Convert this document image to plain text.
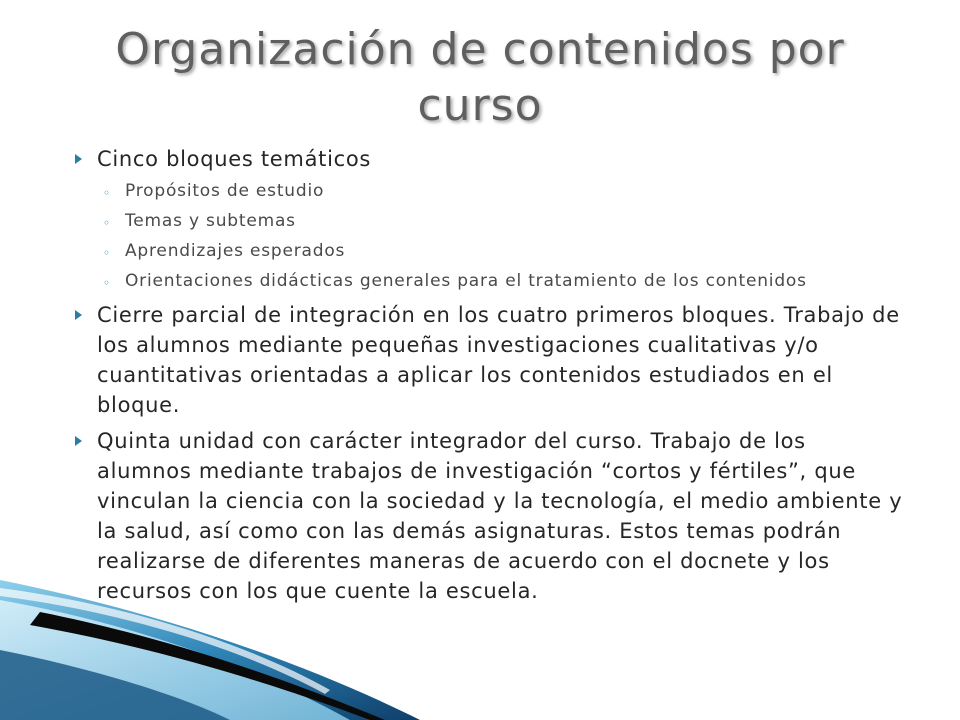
Organización de contenidos por curso
Cinco bloques temáticos
◦ Propósitos de estudio
◦ Temas y subtemas
◦ Aprendizajes esperados
◦ Orientaciones didácticas generales para el tratamiento de los contenidos
Cierre parcial de integración en los cuatro primeros bloques. Trabajo de los alumnos mediante pequeñas investigaciones cualitativas y/o cuantitativas orientadas a aplicar los contenidos estudiados en el bloque.
Quinta unidad con carácter integrador del curso. Trabajo de los alumnos mediante trabajos de investigación “cortos y fértiles”, que vinculan la ciencia con la sociedad y la tecnología, el medio ambiente y la salud, así como con las demás asignaturas. Estos temas podrán realizarse de diferentes maneras de acuerdo con el docnete y los recursos con los que cuente la escuela.
